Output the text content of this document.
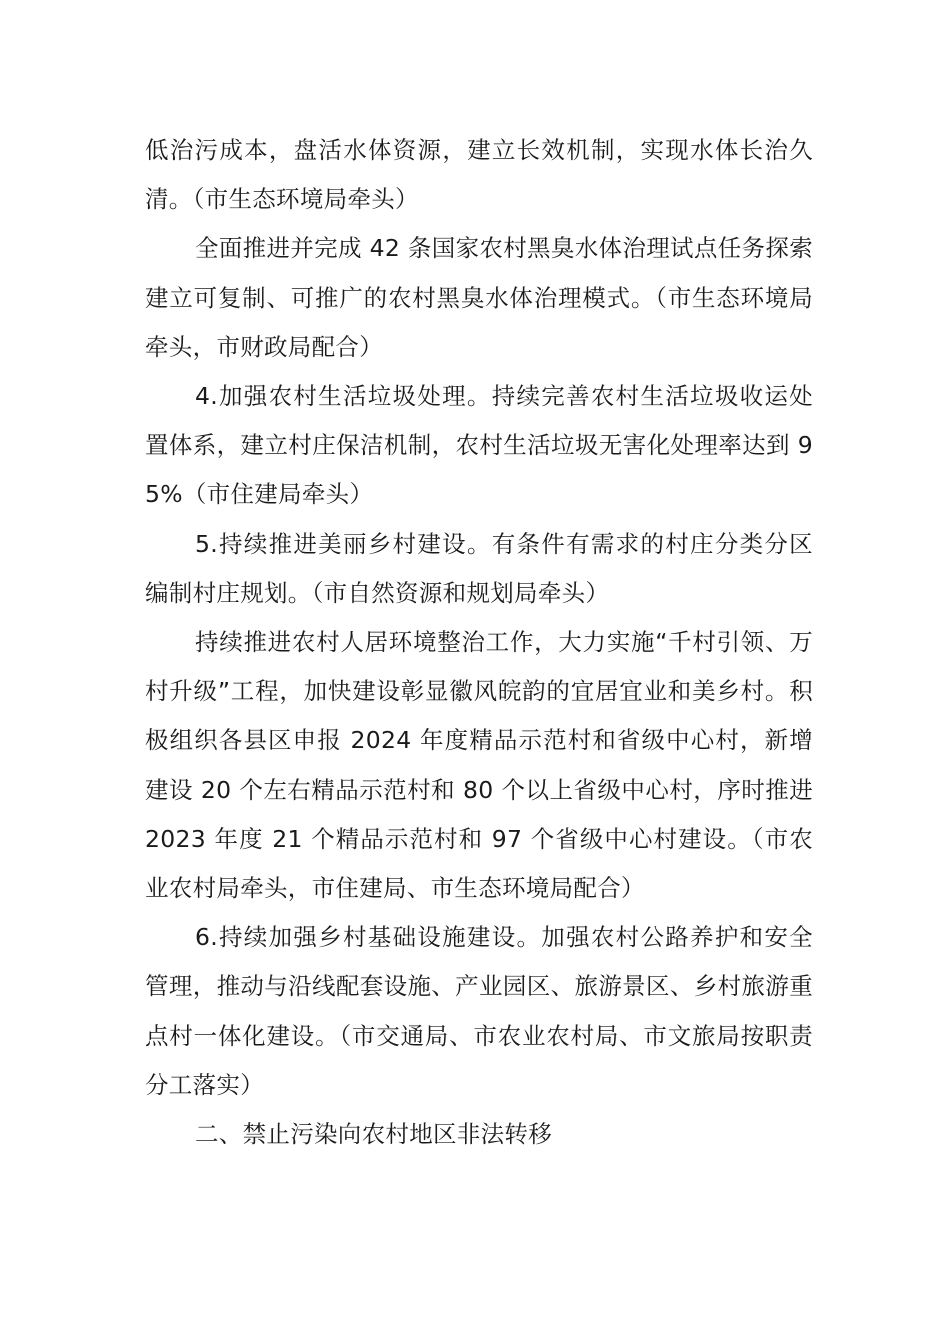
低治污成本，盘活水体资源，建立长效机制，实现水体长治久清。（市生态环境局牵头）

全面推进并完成 42 条国家农村黑臭水体治理试点任务探索建立可复制、可推广的农村黑臭水体治理模式。（市生态环境局牵头，市财政局配合）

4.加强农村生活垃圾处理。持续完善农村生活垃圾收运处置体系，建立村庄保洁机制，农村生活垃圾无害化处理率达到 95%（市住建局牵头）

5.持续推进美丽乡村建设。有条件有需求的村庄分类分区编制村庄规划。（市自然资源和规划局牵头）

持续推进农村人居环境整治工作，大力实施“千村引领、万村升级”工程，加快建设彰显徽风皖韵的宜居宜业和美乡村。积极组织各县区申报 2024 年度精品示范村和省级中心村，新增建设 20 个左右精品示范村和 80 个以上省级中心村，序时推进 2023 年度 21 个精品示范村和 97 个省级中心村建设。（市农业农村局牵头，市住建局、市生态环境局配合）

6.持续加强乡村基础设施建设。加强农村公路养护和安全管理，推动与沿线配套设施、产业园区、旅游景区、乡村旅游重点村一体化建设。（市交通局、市农业农村局、市文旅局按职责分工落实）

二、禁止污染向农村地区非法转移
